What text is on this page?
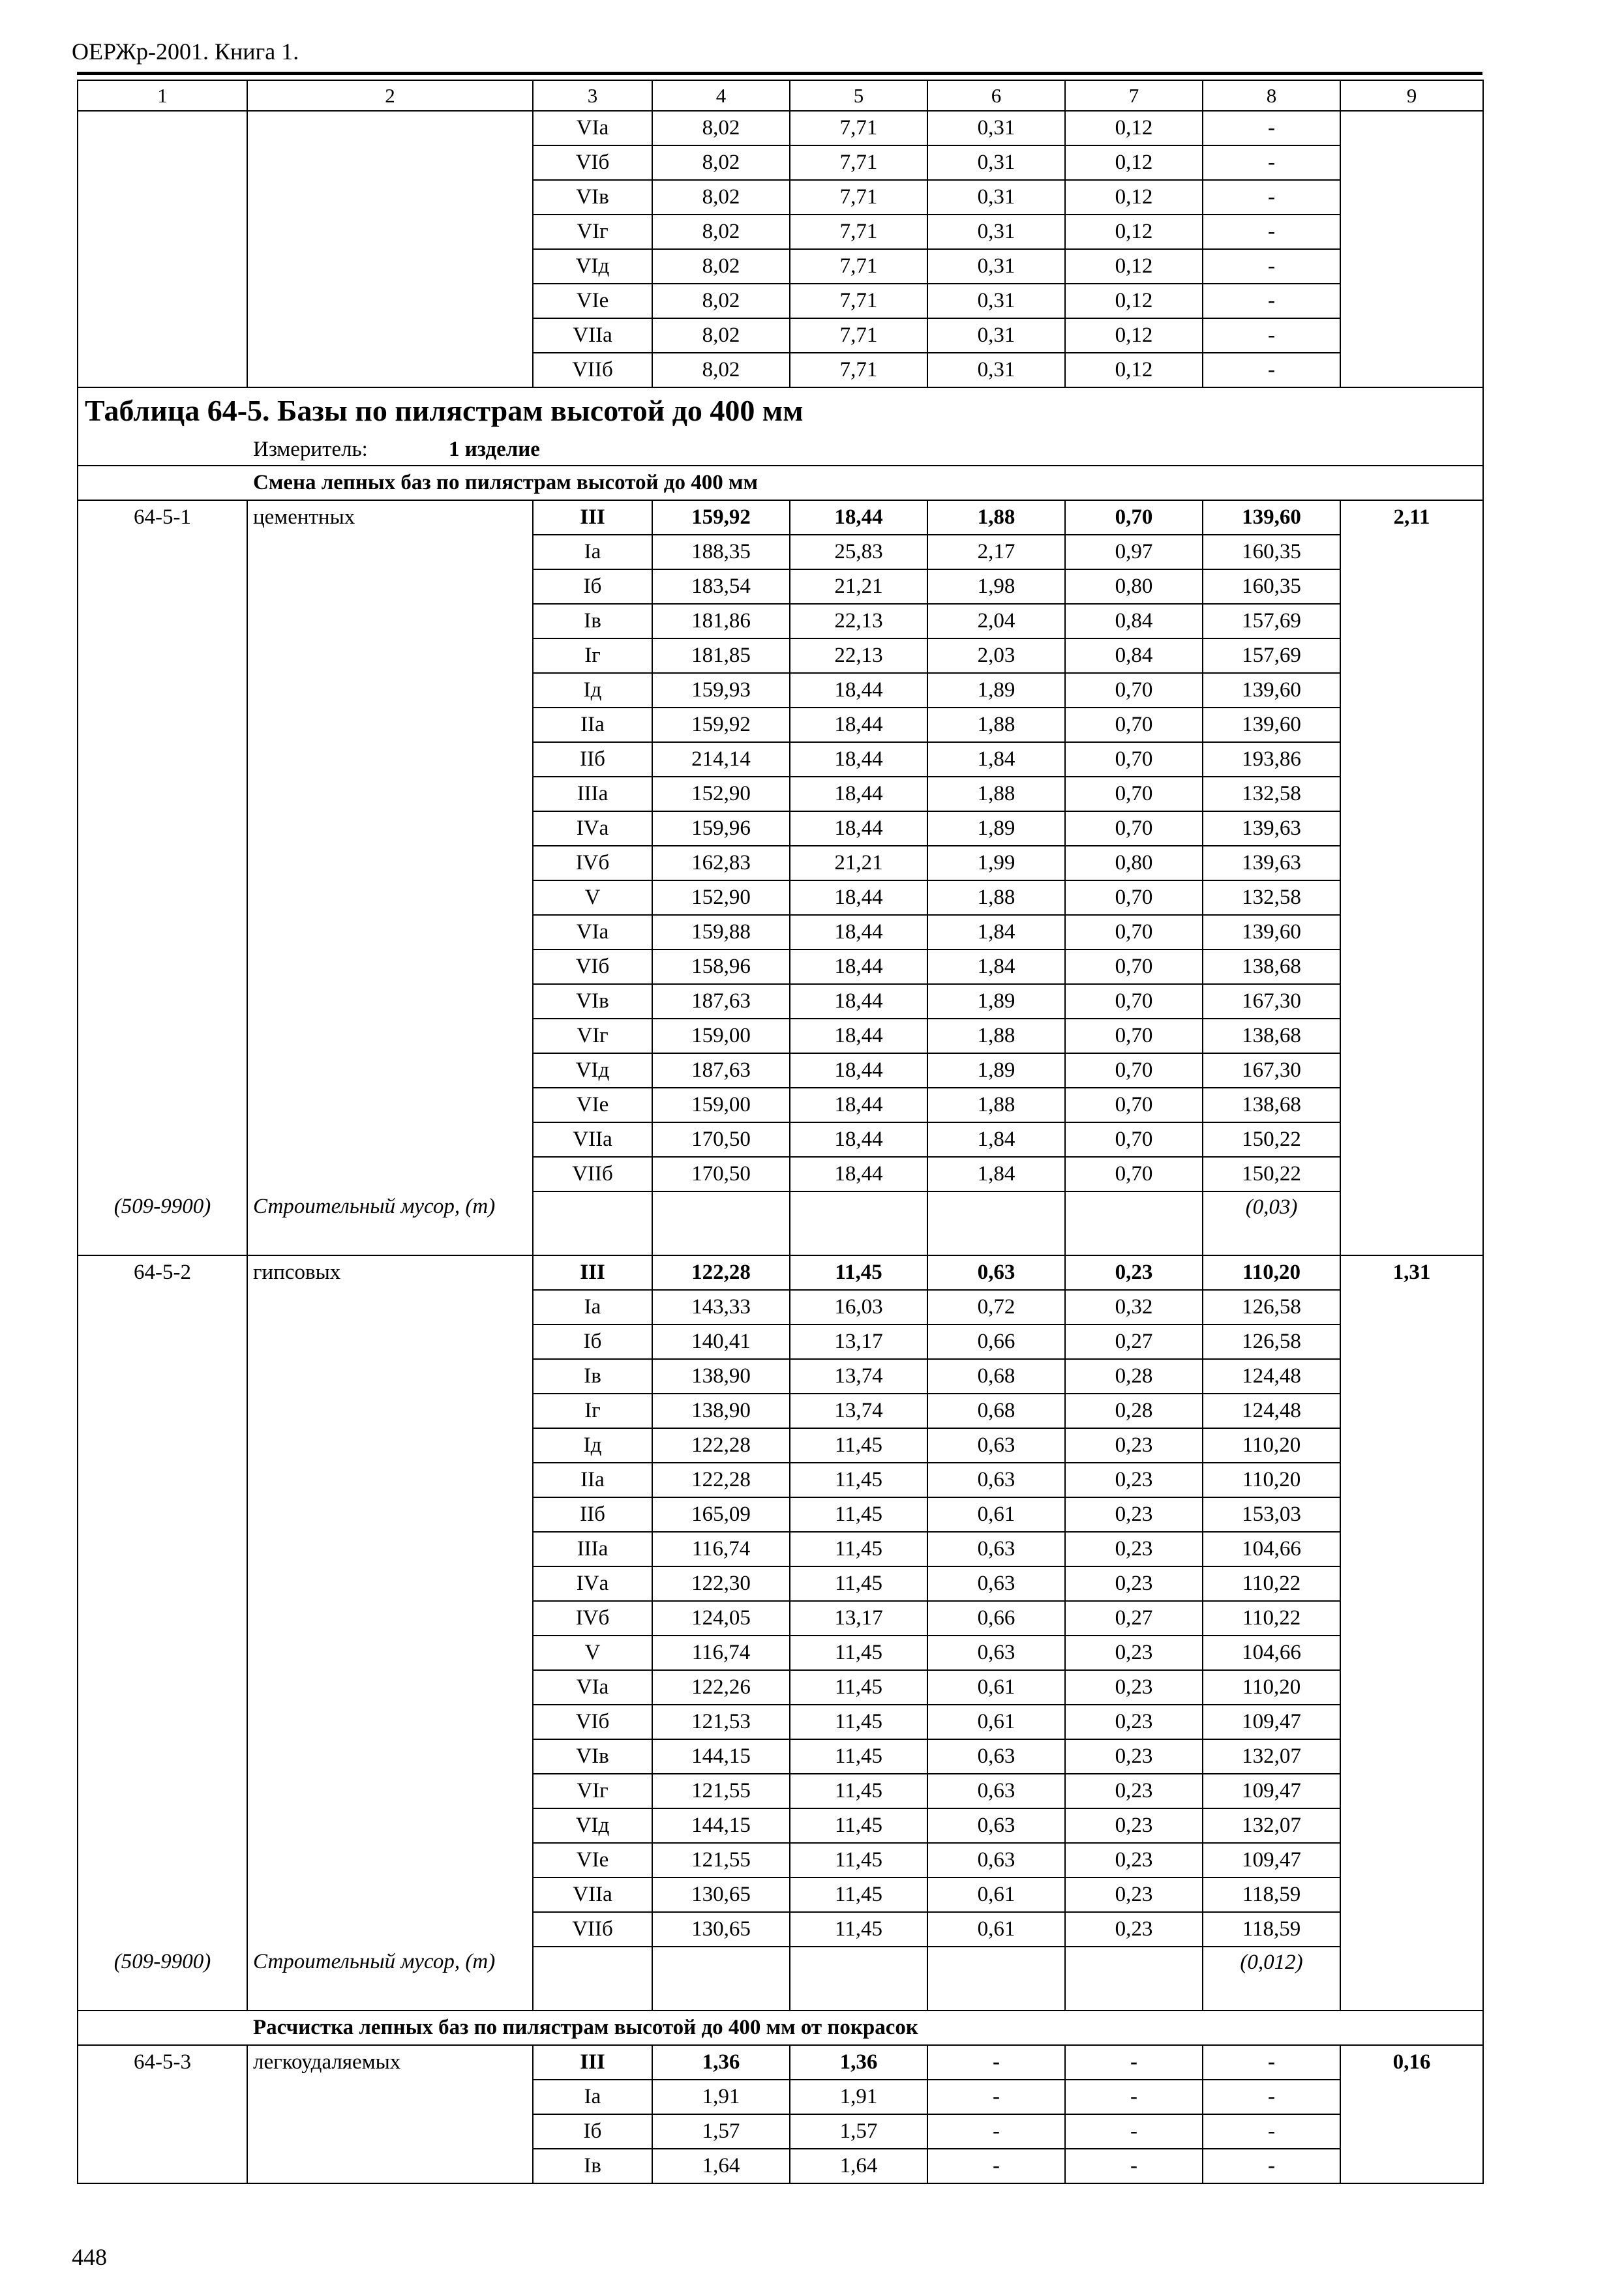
ОЕРЖр-2001. Книга 1.
1	2	3	4	5	6	7	8	9
		VIа	8,02	7,71	0,31	0,12	-	
		VIб	8,02	7,71	0,31	0,12	-	
		VIв	8,02	7,71	0,31	0,12	-	
		VIг	8,02	7,71	0,31	0,12	-	
		VIд	8,02	7,71	0,31	0,12	-	
		VIе	8,02	7,71	0,31	0,12	-	
		VIIа	8,02	7,71	0,31	0,12	-	
		VIIб	8,02	7,71	0,31	0,12	-	
Таблица 64-5. Базы по пилястрам высотой до 400 мм								
Измеритель: 1 изделие								
Смена лепных баз по пилястрам высотой до 400 мм								
64-5-1	цементных	III	159,92	18,44	1,88	0,70	139,60	2,11
		Iа	188,35	25,83	2,17	0,97	160,35	
		Iб	183,54	21,21	1,98	0,80	160,35	
		Iв	181,86	22,13	2,04	0,84	157,69	
		Iг	181,85	22,13	2,03	0,84	157,69	
		Iд	159,93	18,44	1,89	0,70	139,60	
		IIа	159,92	18,44	1,88	0,70	139,60	
		IIб	214,14	18,44	1,84	0,70	193,86	
		IIIа	152,90	18,44	1,88	0,70	132,58	
		IVа	159,96	18,44	1,89	0,70	139,63	
		IVб	162,83	21,21	1,99	0,80	139,63	
		V	152,90	18,44	1,88	0,70	132,58	
		VIа	159,88	18,44	1,84	0,70	139,60	
		VIб	158,96	18,44	1,84	0,70	138,68	
		VIв	187,63	18,44	1,89	0,70	167,30	
		VIг	159,00	18,44	1,88	0,70	138,68	
		VIд	187,63	18,44	1,89	0,70	167,30	
		VIе	159,00	18,44	1,88	0,70	138,68	
		VIIа	170,50	18,44	1,84	0,70	150,22	
		VIIб	170,50	18,44	1,84	0,70	150,22	
(509-9900)	Строительный мусор, (т)						(0,03)	
64-5-2	гипсовых	III	122,28	11,45	0,63	0,23	110,20	1,31
		Iа	143,33	16,03	0,72	0,32	126,58	
		Iб	140,41	13,17	0,66	0,27	126,58	
		Iв	138,90	13,74	0,68	0,28	124,48	
		Iг	138,90	13,74	0,68	0,28	124,48	
		Iд	122,28	11,45	0,63	0,23	110,20	
		IIа	122,28	11,45	0,63	0,23	110,20	
		IIб	165,09	11,45	0,61	0,23	153,03	
		IIIа	116,74	11,45	0,63	0,23	104,66	
		IVа	122,30	11,45	0,63	0,23	110,22	
		IVб	124,05	13,17	0,66	0,27	110,22	
		V	116,74	11,45	0,63	0,23	104,66	
		VIа	122,26	11,45	0,61	0,23	110,20	
		VIб	121,53	11,45	0,61	0,23	109,47	
		VIв	144,15	11,45	0,63	0,23	132,07	
		VIг	121,55	11,45	0,63	0,23	109,47	
		VIд	144,15	11,45	0,63	0,23	132,07	
		VIе	121,55	11,45	0,63	0,23	109,47	
		VIIа	130,65	11,45	0,61	0,23	118,59	
		VIIб	130,65	11,45	0,61	0,23	118,59	
(509-9900)	Строительный мусор, (т)						(0,012)	
Расчистка лепных баз по пилястрам высотой до 400 мм от покрасок								
64-5-3	легкоудаляемых	III	1,36	1,36	-	-	-	0,16
		Iа	1,91	1,91	-	-	-	
		Iб	1,57	1,57	-	-	-	
		Iв	1,64	1,64	-	-	-	
448
